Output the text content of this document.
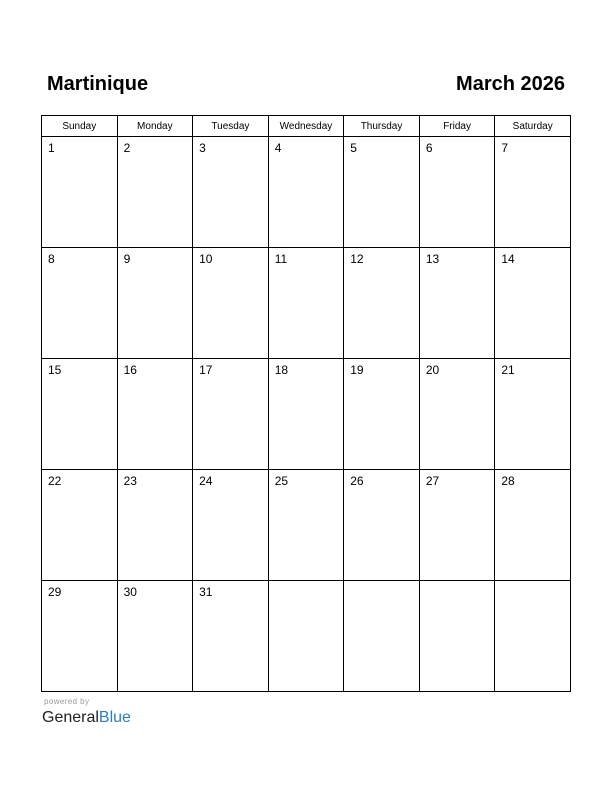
Martinique	March 2026
Sunday	Monday	Tuesday	Wednesday	Thursday	Friday	Saturday

1	2	3	4	5	6	7

8	9	10	11	12	13	14

15	16	17	18	19	20	21

22	23	24	25	26	27	28

29	30	31				

powered by
GeneralBlue
